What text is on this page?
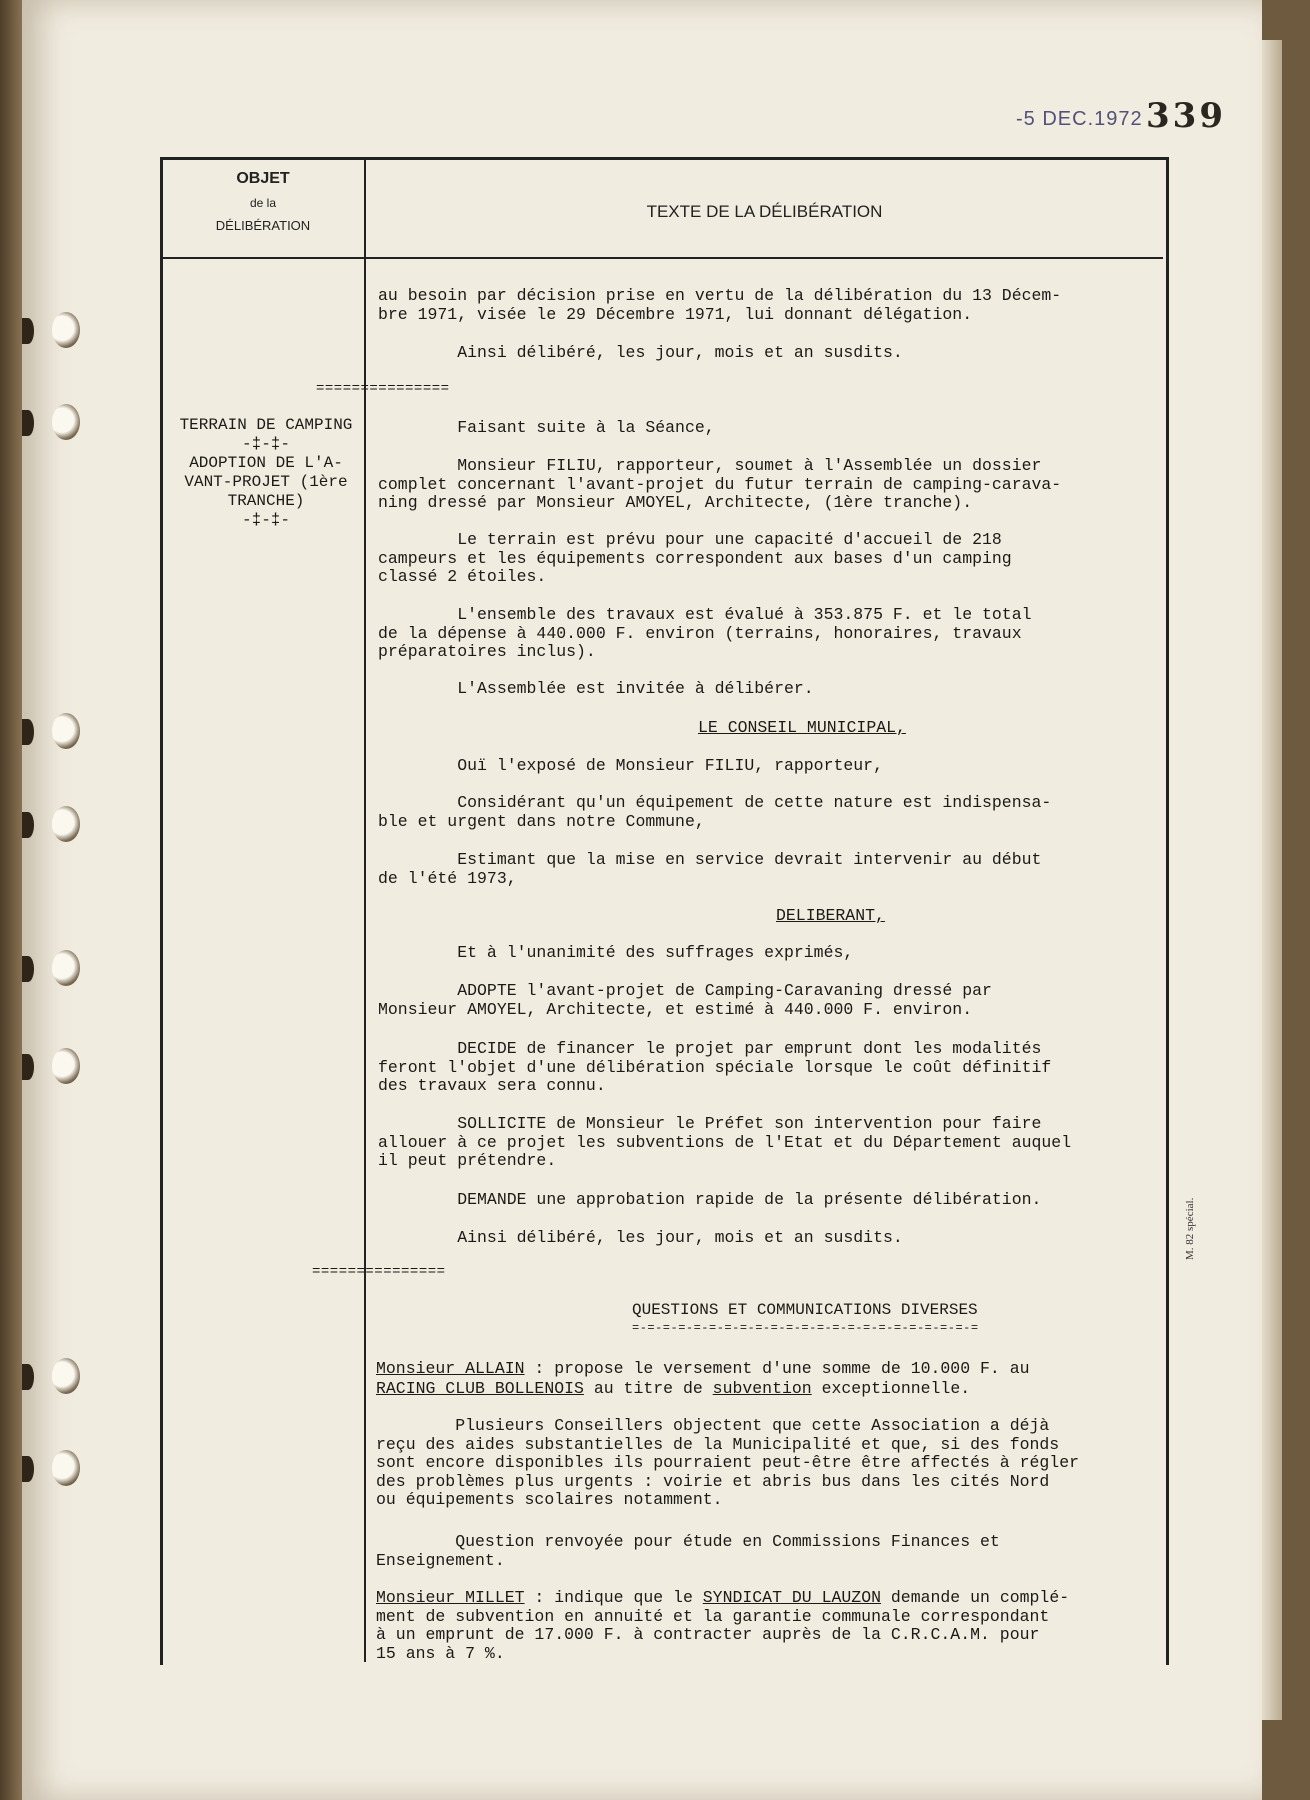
-5 DEC.1972 339
OBJET
de la
DÉLIBÉRATION
TEXTE DE LA DÉLIBÉRATION
au besoin par décision prise en vertu de la délibération du 13 Décem-
bre 1971, visée le 29 Décembre 1971, lui donnant délégation.
Ainsi délibéré, les jour, mois et an susdits.
===============
TERRAIN DE CAMPING
-‡-‡-
ADOPTION DE L'A-
VANT-PROJET (1ère
TRANCHE)
-‡-‡-
Faisant suite à la Séance,
Monsieur FILIU, rapporteur, soumet à l'Assemblée un dossier
complet concernant l'avant-projet du futur terrain de camping-carava-
ning dressé par Monsieur AMOYEL, Architecte, (1ère tranche).
Le terrain est prévu pour une capacité d'accueil de 218
campeurs et les équipements correspondent aux bases d'un camping
classé 2 étoiles.
L'ensemble des travaux est évalué à 353.875 F. et le total
de la dépense à 440.000 F. environ (terrains, honoraires, travaux
préparatoires inclus).
L'Assemblée est invitée à délibérer.
LE CONSEIL MUNICIPAL,
Ouï l'exposé de Monsieur FILIU, rapporteur,
Considérant qu'un équipement de cette nature est indispensa-
ble et urgent dans notre Commune,
Estimant que la mise en service devrait intervenir au début
de l'été 1973,
DELIBERANT,
Et à l'unanimité des suffrages exprimés,
ADOPTE l'avant-projet de Camping-Caravaning dressé par
Monsieur AMOYEL, Architecte, et estimé à 440.000 F. environ.
DECIDE de financer le projet par emprunt dont les modalités
feront l'objet d'une délibération spéciale lorsque le coût définitif
des travaux sera connu.
SOLLICITE de Monsieur le Préfet son intervention pour faire
allouer à ce projet les subventions de l'Etat et du Département auquel
il peut prétendre.
DEMANDE une approbation rapide de la présente délibération.
Ainsi délibéré, les jour, mois et an susdits.
===============
QUESTIONS ET COMMUNICATIONS DIVERSES
=-=-=-=-=-=-=-=-=-=-=-=-=-=-=-=-=-=-=-=-=-=-=
Monsieur ALLAIN : propose le versement d'une somme de 10.000 F. au
RACING CLUB BOLLENOIS au titre de subvention exceptionnelle.
Plusieurs Conseillers objectent que cette Association a déjà
reçu des aides substantielles de la Municipalité et que, si des fonds
sont encore disponibles ils pourraient peut-être être affectés à régler
des problèmes plus urgents : voirie et abris bus dans les cités Nord
ou équipements scolaires notamment.
Question renvoyée pour étude en Commissions Finances et
Enseignement.
Monsieur MILLET : indique que le SYNDICAT DU LAUZON demande un complé-
ment de subvention en annuité et la garantie communale correspondant
à un emprunt de 17.000 F. à contracter auprès de la C.R.C.A.M. pour
15 ans à 7 %.
M. 82 spécial.
